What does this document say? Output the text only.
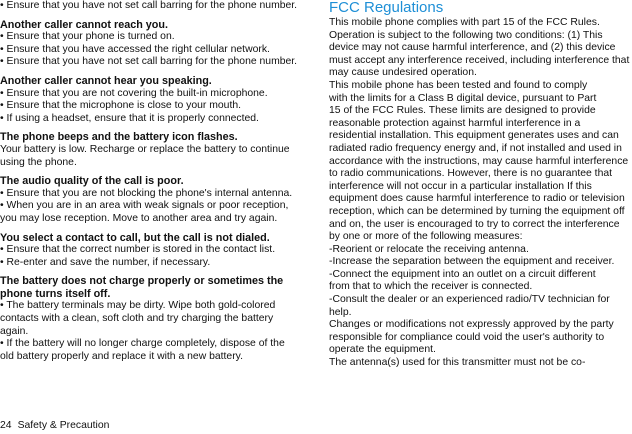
• Ensure that you have not set call barring for the phone number.
Another caller cannot reach you.
• Ensure that your phone is turned on.
• Ensure that you have accessed the right cellular network.
• Ensure that you have not set call barring for the phone number.
Another caller cannot hear you speaking.
• Ensure that you are not covering the built-in microphone.
• Ensure that the microphone is close to your mouth.
• If using a headset, ensure that it is properly connected.
The phone beeps and the battery icon flashes.
Your battery is low. Recharge or replace the battery to continue
using the phone.
The audio quality of the call is poor.
• Ensure that you are not blocking the phone's internal antenna.
• When you are in an area with weak signals or poor reception,
you may lose reception. Move to another area and try again.
You select a contact to call, but the call is not dialed.
• Ensure that the correct number is stored in the contact list.
• Re-enter and save the number, if necessary.
The battery does not charge properly or sometimes the phone turns itself off.
• The battery terminals may be dirty. Wipe both gold-colored
contacts with a clean, soft cloth and try charging the battery
again.
• If the battery will no longer charge completely, dispose of the
old battery properly and replace it with a new battery.
FCC Regulations
This mobile phone complies with part 15 of the FCC Rules.
Operation is subject to the following two conditions: (1) This
device may not cause harmful interference, and (2) this device
must accept any interference received, including interference that
may cause undesired operation.
This mobile phone has been tested and found to comply
with the limits for a Class B digital device, pursuant to Part
15 of the FCC Rules. These limits are designed to provide
reasonable protection against harmful interference in a
residential installation. This equipment generates uses and can
radiated radio frequency energy and, if not installed and used in
accordance with the instructions, may cause harmful interference
to radio communications. However, there is no guarantee that
interference will not occur in a particular installation If this
equipment does cause harmful interference to radio or television
reception, which can be determined by turning the equipment off
and on, the user is encouraged to try to correct the interference
by one or more of the following measures:
-Reorient or relocate the receiving antenna.
-Increase the separation between the equipment and receiver.
-Connect the equipment into an outlet on a circuit different
from that to which the receiver is connected.
-Consult the dealer or an experienced radio/TV technician for
help.
Changes or modifications not expressly approved by the party
responsible for compliance could void the user's authority to
operate the equipment.
The antenna(s) used for this transmitter must not be co-
24 Safety & Precaution
